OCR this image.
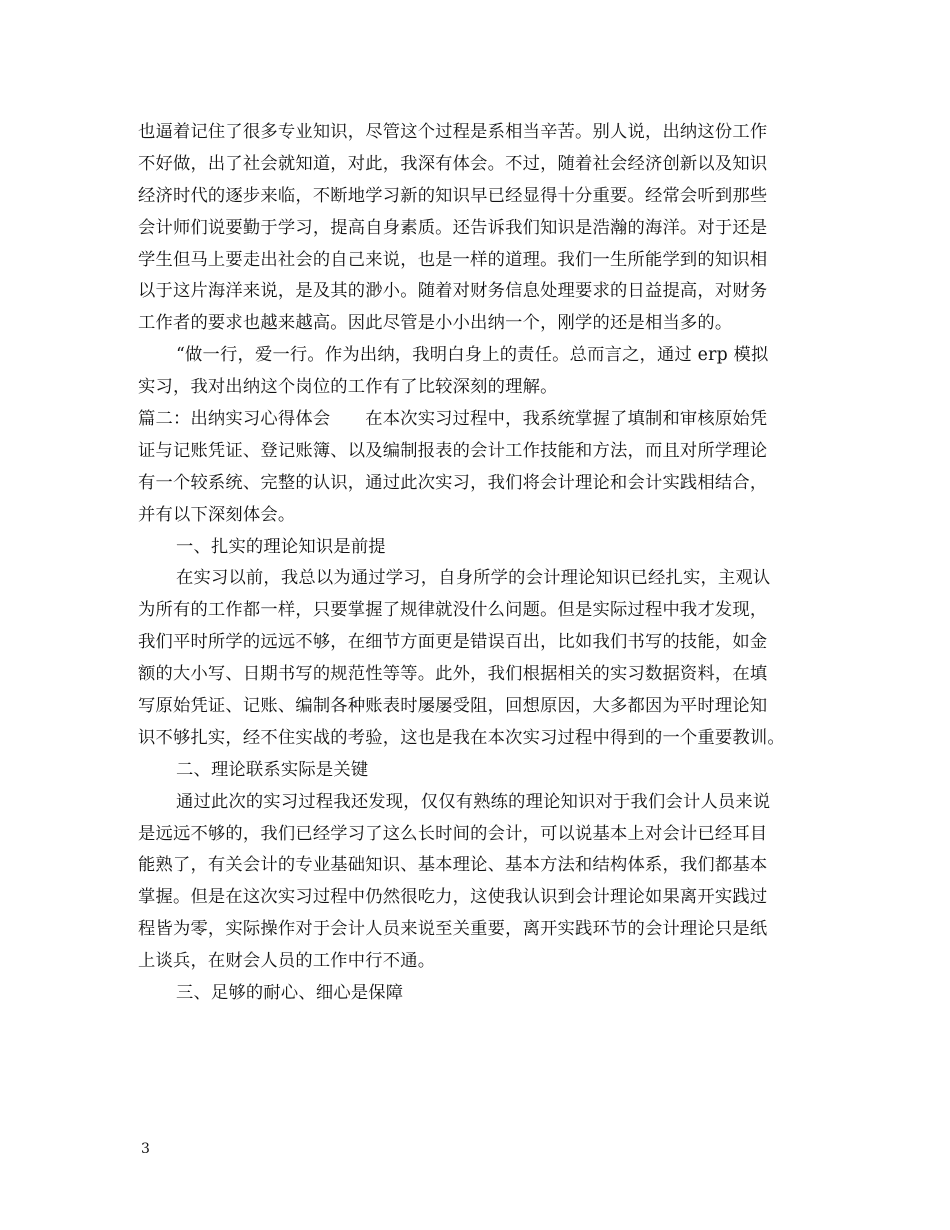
也逼着记住了很多专业知识，尽管这个过程是系相当辛苦。别人说，出纳这份工作
不好做，出了社会就知道，对此，我深有体会。不过，随着社会经济创新以及知识
经济时代的逐步来临，不断地学习新的知识早已经显得十分重要。经常会听到那些
会计师们说要勤于学习，提高自身素质。还告诉我们知识是浩瀚的海洋。对于还是
学生但马上要走出社会的自己来说，也是一样的道理。我们一生所能学到的知识相
以于这片海洋来说，是及其的渺小。随着对财务信息处理要求的日益提高，对财务
工作者的要求也越来越高。因此尽管是小小出纳一个，刚学的还是相当多的。
“做一行，爱一行。作为出纳，我明白身上的责任。总而言之，通过 erp 模拟
实习，我对出纳这个岗位的工作有了比较深刻的理解。
篇二：出纳实习心得体会　　在本次实习过程中，我系统掌握了填制和审核原始凭
证与记账凭证、登记账簿、以及编制报表的会计工作技能和方法，而且对所学理论
有一个较系统、完整的认识，通过此次实习，我们将会计理论和会计实践相结合，
并有以下深刻体会。
一、扎实的理论知识是前提
在实习以前，我总以为通过学习，自身所学的会计理论知识已经扎实，主观认
为所有的工作都一样，只要掌握了规律就没什么问题。但是实际过程中我才发现，
我们平时所学的远远不够，在细节方面更是错误百出，比如我们书写的技能，如金
额的大小写、日期书写的规范性等等。此外，我们根据相关的实习数据资料，在填
写原始凭证、记账、编制各种账表时屡屡受阻，回想原因，大多都因为平时理论知
识不够扎实，经不住实战的考验，这也是我在本次实习过程中得到的一个重要教训。
二、理论联系实际是关键
通过此次的实习过程我还发现，仅仅有熟练的理论知识对于我们会计人员来说
是远远不够的，我们已经学习了这么长时间的会计，可以说基本上对会计已经耳目
能熟了，有关会计的专业基础知识、基本理论、基本方法和结构体系，我们都基本
掌握。但是在这次实习过程中仍然很吃力，这使我认识到会计理论如果离开实践过
程皆为零，实际操作对于会计人员来说至关重要，离开实践环节的会计理论只是纸
上谈兵，在财会人员的工作中行不通。
三、足够的耐心、细心是保障
3
